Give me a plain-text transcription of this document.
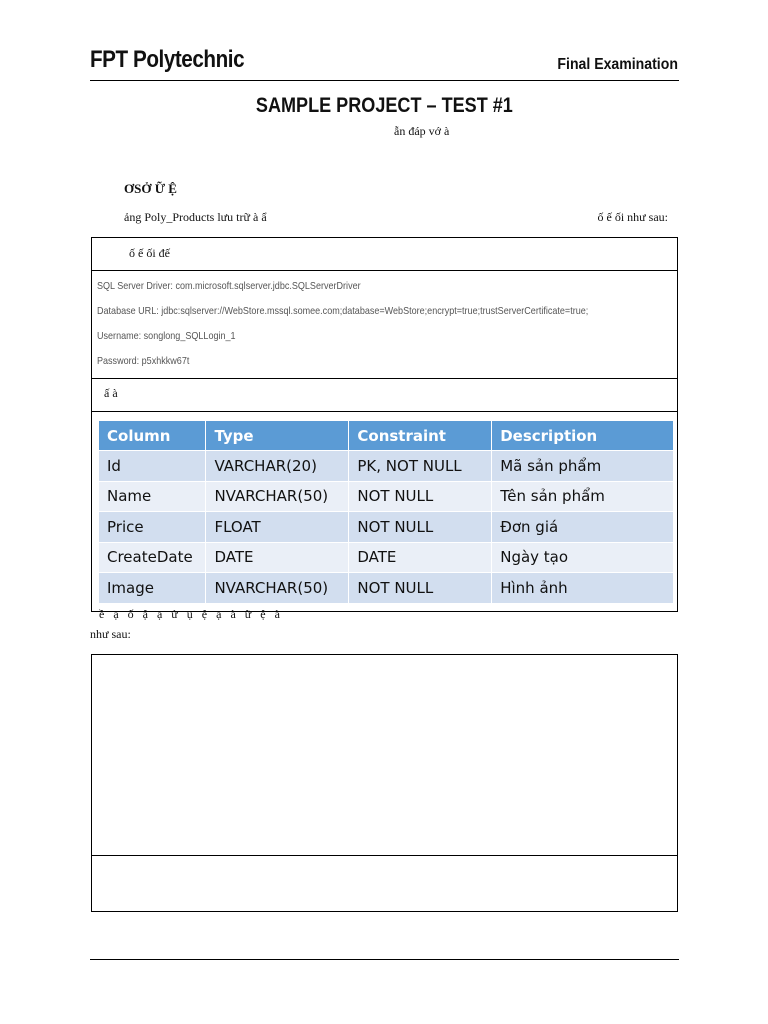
FPT Polytechnic	Final Examination
SAMPLE PROJECT – TEST #1
ẫn đáp vớ à
ƠSỞ Ữ Ệ
ảng Poly_Products lưu trữ à ẩ	ố ế ối như sau:
ố ế ối đế
SQL Server Driver: com.microsoft.sqlserver.jdbc.SQLServerDriver
Database URL: jdbc:sqlserver://WebStore.mssql.somee.com;database=WebStore;encrypt=true;trustServerCertificate=true;
Username: songlong_SQLLogin_1
Password: p5xhkkw67t
ấ à
Column	Type	Constraint	Description
Id	VARCHAR(20)	PK, NOT NULL	Mã sản phẩm
Name	NVARCHAR(50)	NOT NULL	Tên sản phẩm
Price	FLOAT	NOT NULL	Đơn giá
CreateDate	DATE	DATE	Ngày tạo
Image	NVARCHAR(50)	NOT NULL	Hình ảnh
ề ạ ố ậ ạ ử ụ ệ ạ à ữ ệ à
như sau:
